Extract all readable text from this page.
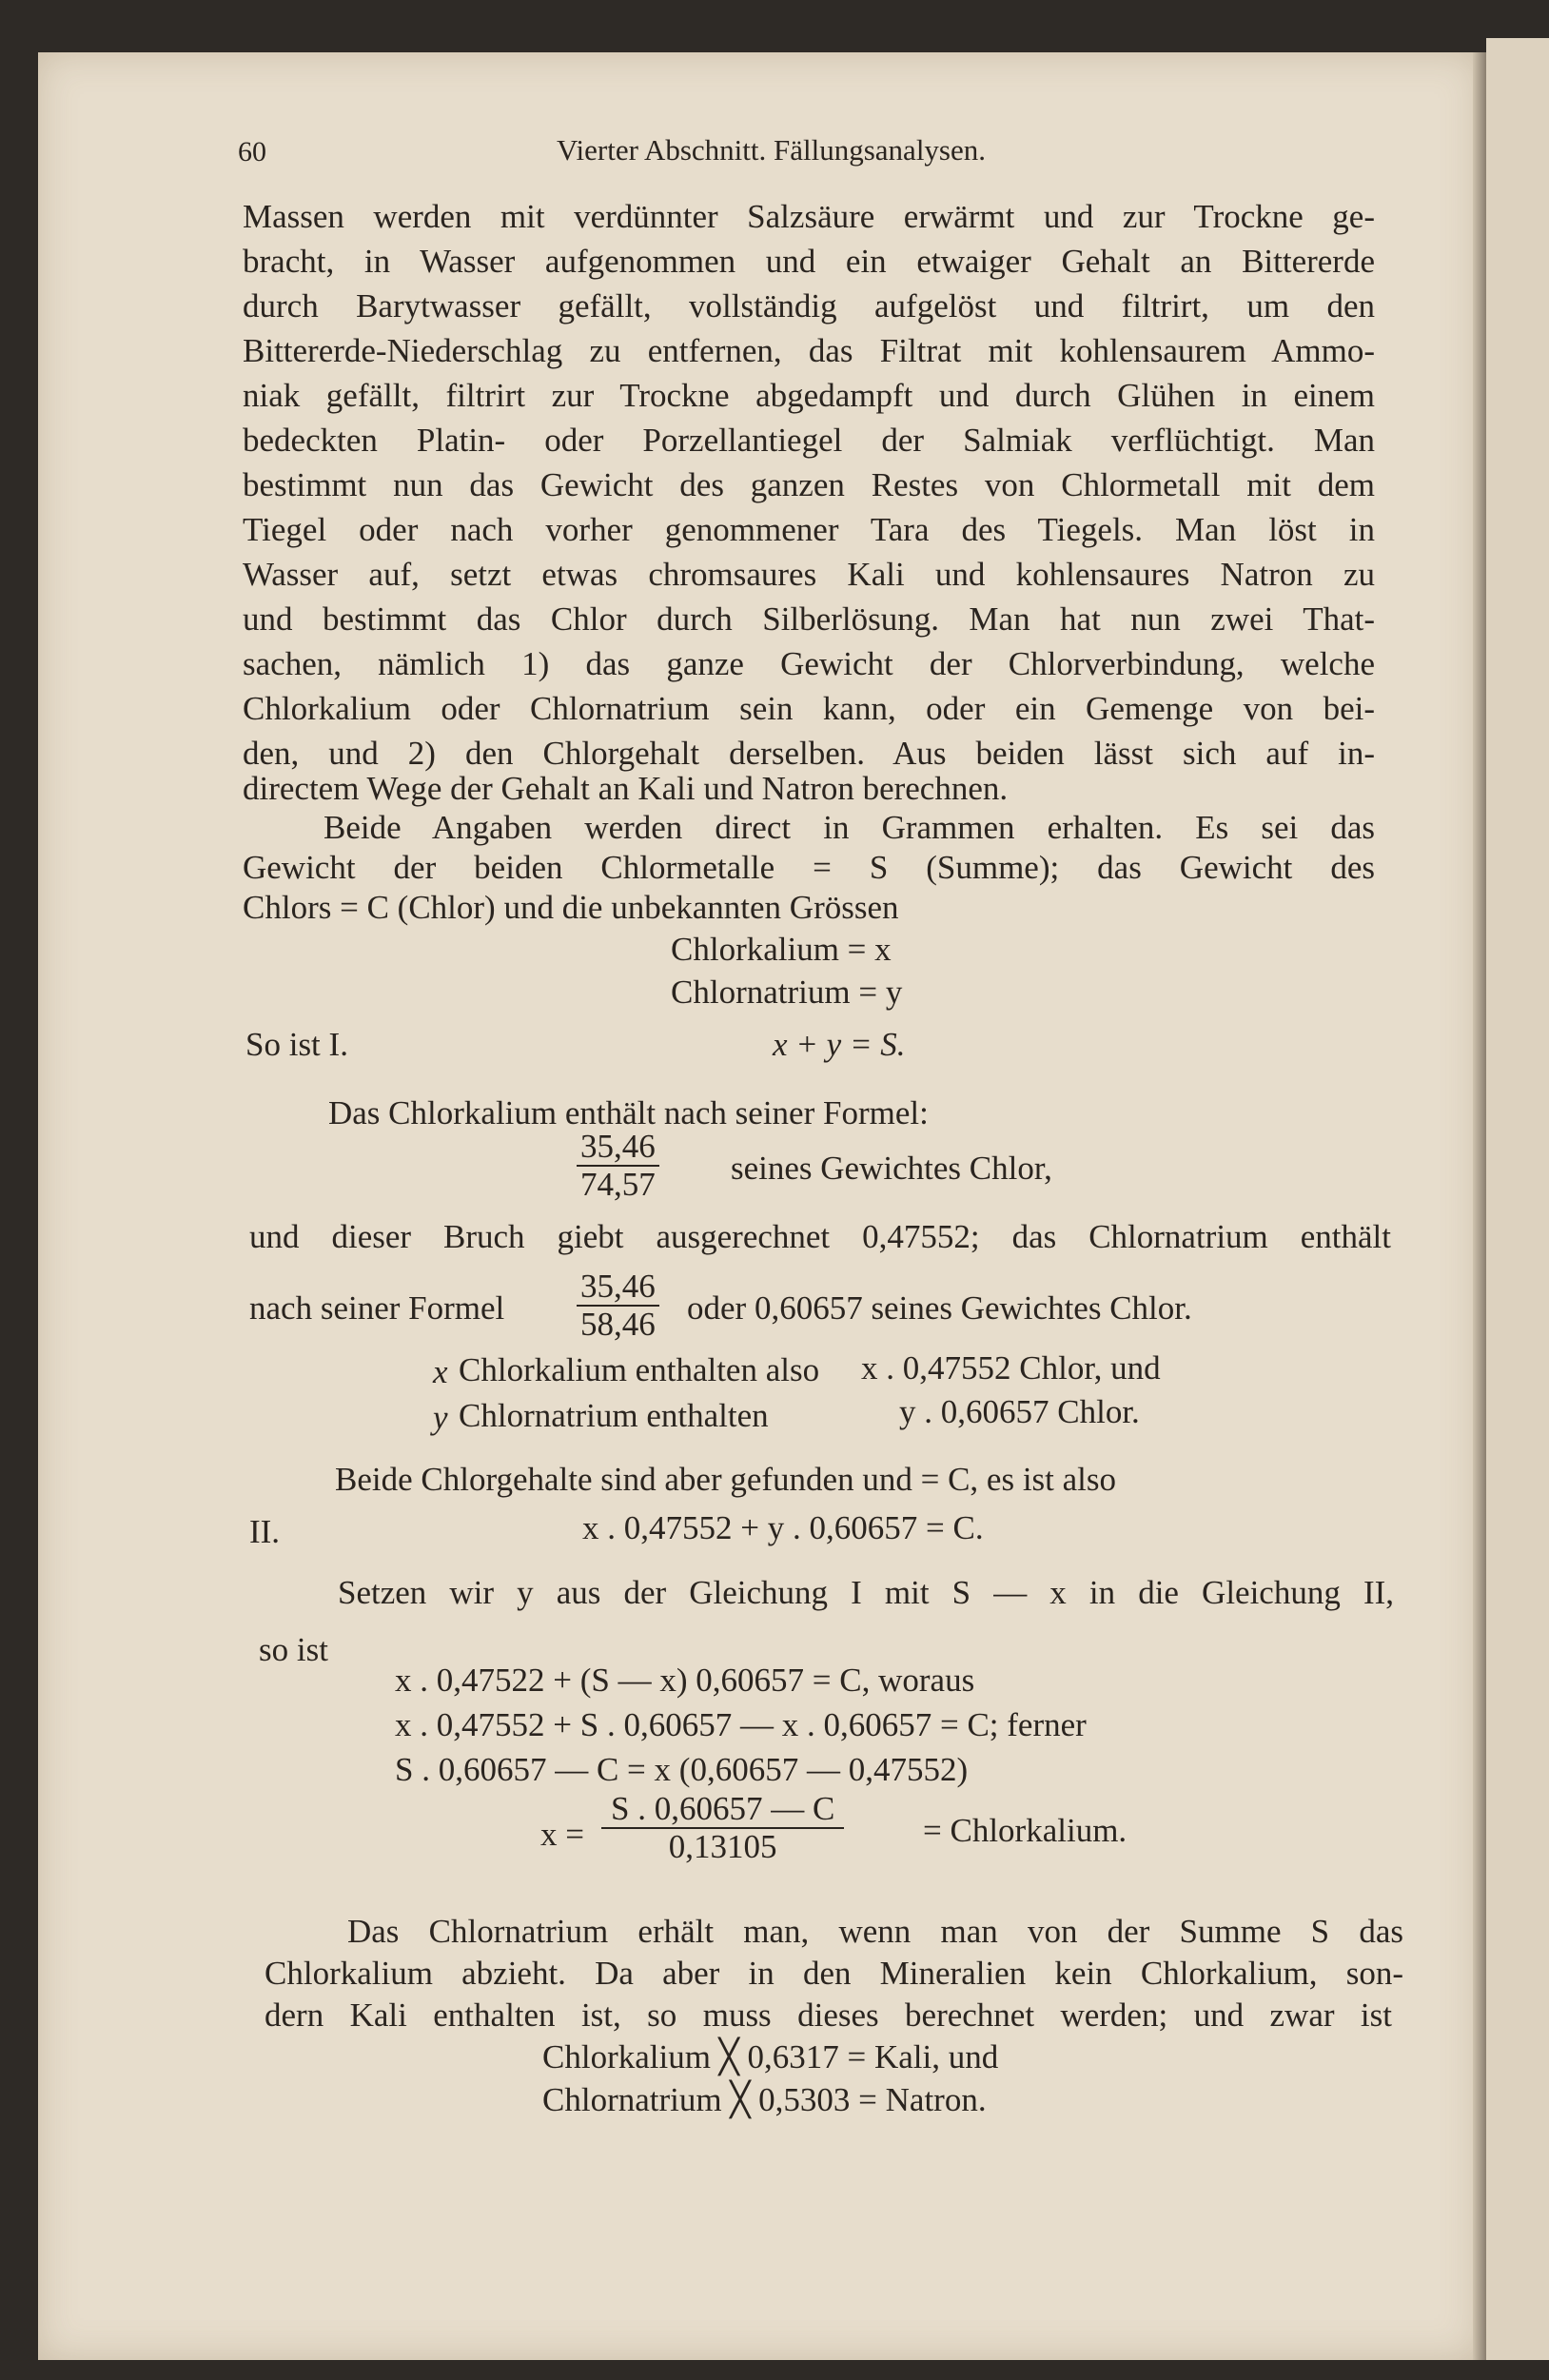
60	Vierter Abschnitt. Fällungsanalysen.
Massen werden mit verdünnter Salzsäure erwärmt und zur Trockne ge-
bracht, in Wasser aufgenommen und ein etwaiger Gehalt an Bittererde
durch Barytwasser gefällt, vollständig aufgelöst und filtrirt, um den
Bittererde-Niederschlag zu entfernen, das Filtrat mit kohlensaurem Ammo-
niak gefällt, filtrirt zur Trockne abgedampft und durch Glühen in einem
bedeckten Platin- oder Porzellantiegel der Salmiak verflüchtigt. Man
bestimmt nun das Gewicht des ganzen Restes von Chlormetall mit dem
Tiegel oder nach vorher genommener Tara des Tiegels. Man löst in
Wasser auf, setzt etwas chromsaures Kali und kohlensaures Natron zu
und bestimmt das Chlor durch Silberlösung. Man hat nun zwei That-
sachen, nämlich 1) das ganze Gewicht der Chlorverbindung, welche
Chlorkalium oder Chlornatrium sein kann, oder ein Gemenge von bei-
den, und 2) den Chlorgehalt derselben. Aus beiden lässt sich auf in-
directem Wege der Gehalt an Kali und Natron berechnen.
Beide Angaben werden direct in Grammen erhalten. Es sei das
Gewicht der beiden Chlormetalle = S (Summe); das Gewicht des
Chlors = C (Chlor) und die unbekannten Grössen
Chlorkalium = x
Chlornatrium = y
So ist I.	x + y = S.
Das Chlorkalium enthält nach seiner Formel:
$\frac{35,46}{74,57}$ seines Gewichtes Chlor,
und dieser Bruch giebt ausgerechnet 0,47552; das Chlornatrium enthält
nach seiner Formel $\frac{35,46}{58,46}$ oder 0,60657 seines Gewichtes Chlor.
x Chlorkalium enthalten also x . 0,47552 Chlor, und
y Chlornatrium enthalten	y . 0,60657 Chlor.
Beide Chlorgehalte sind aber gefunden und = C, es ist also
II.	x . 0,47552 + y . 0,60657 = C.
Setzen wir y aus der Gleichung I mit S — x in die Gleichung II,
so ist
x . 0,47522 + (S — x) 0,60657 = C, woraus
x . 0,47552 + S . 0,60657 — x . 0,60657 = C; ferner
S . 0,60657 — C = x (0,60657 — 0,47552)
$x = \frac{S . 0,60657 — C}{0,13105}$ = Chlorkalium.
Das Chlornatrium erhält man, wenn man von der Summe S das
Chlorkalium abzieht. Da aber in den Mineralien kein Chlorkalium, son-
dern Kali enthalten ist, so muss dieses berechnet werden; und zwar ist
Chlorkalium ╳ 0,6317 = Kali, und
Chlornatrium ╳ 0,5303 = Natron.
